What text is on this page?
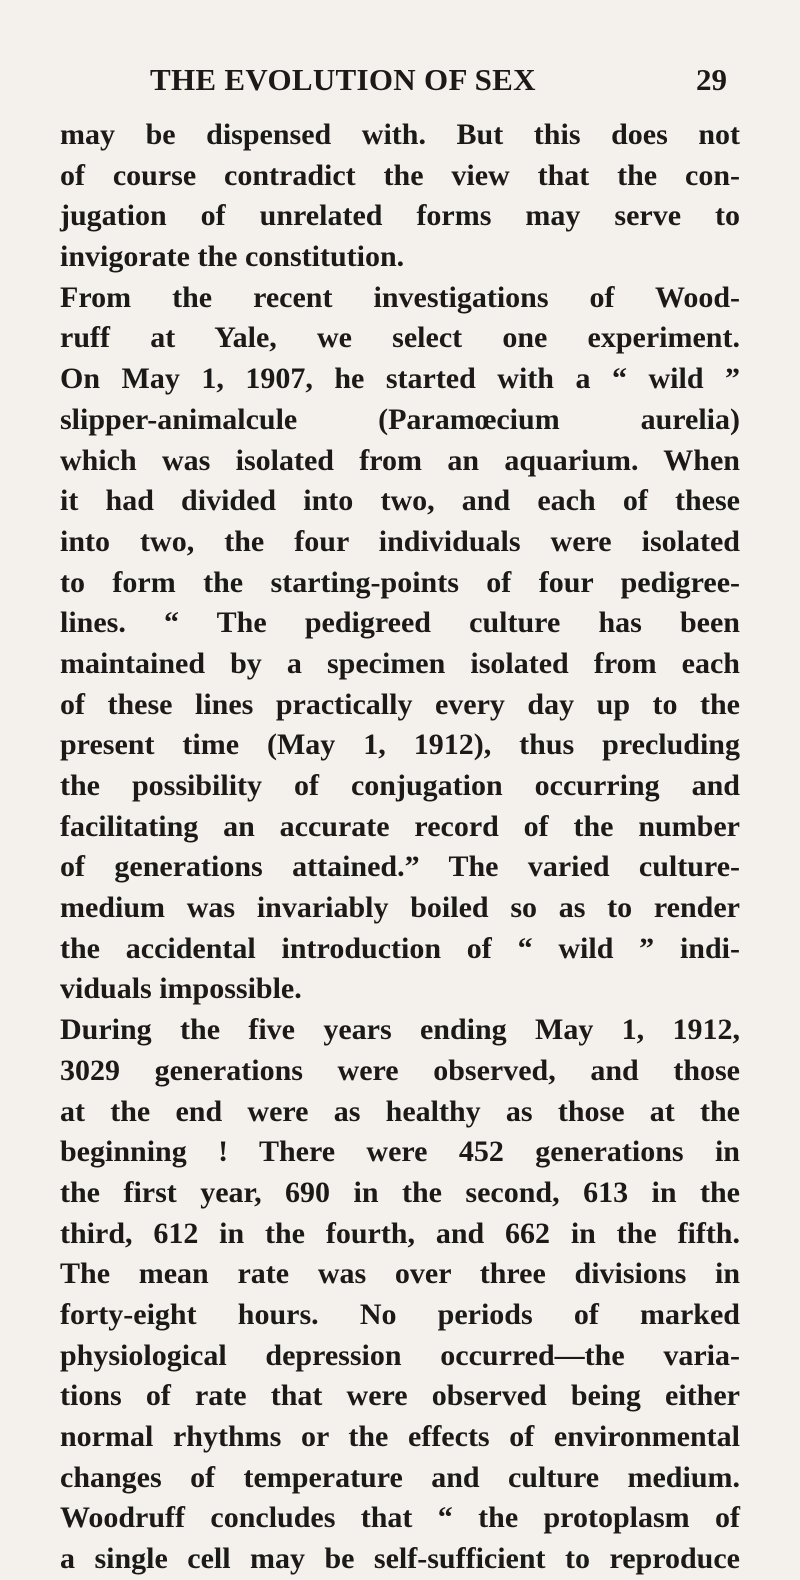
THE EVOLUTION OF SEX	29
may be dispensed with. But this does not
of course contradict the view that the con-
jugation of unrelated forms may serve to
invigorate the constitution.
From the recent investigations of Wood-
ruff at Yale, we select one experiment.
On May 1, 1907, he started with a “ wild ”
slipper-animalcule (Paramœcium aurelia)
which was isolated from an aquarium. When
it had divided into two, and each of these
into two, the four individuals were isolated
to form the starting-points of four pedigree-
lines. “ The pedigreed culture has been
maintained by a specimen isolated from each
of these lines practically every day up to the
present time (May 1, 1912), thus precluding
the possibility of conjugation occurring and
facilitating an accurate record of the number
of generations attained.” The varied culture-
medium was invariably boiled so as to render
the accidental introduction of “ wild ” indi-
viduals impossible.
During the five years ending May 1, 1912,
3029 generations were observed, and those
at the end were as healthy as those at the
beginning ! There were 452 generations in
the first year, 690 in the second, 613 in the
third, 612 in the fourth, and 662 in the fifth.
The mean rate was over three divisions in
forty-eight hours. No periods of marked
physiological depression occurred—the varia-
tions of rate that were observed being either
normal rhythms or the effects of environmental
changes of temperature and culture medium.
Woodruff concludes that “ the protoplasm of
a single cell may be self-sufficient to reproduce
